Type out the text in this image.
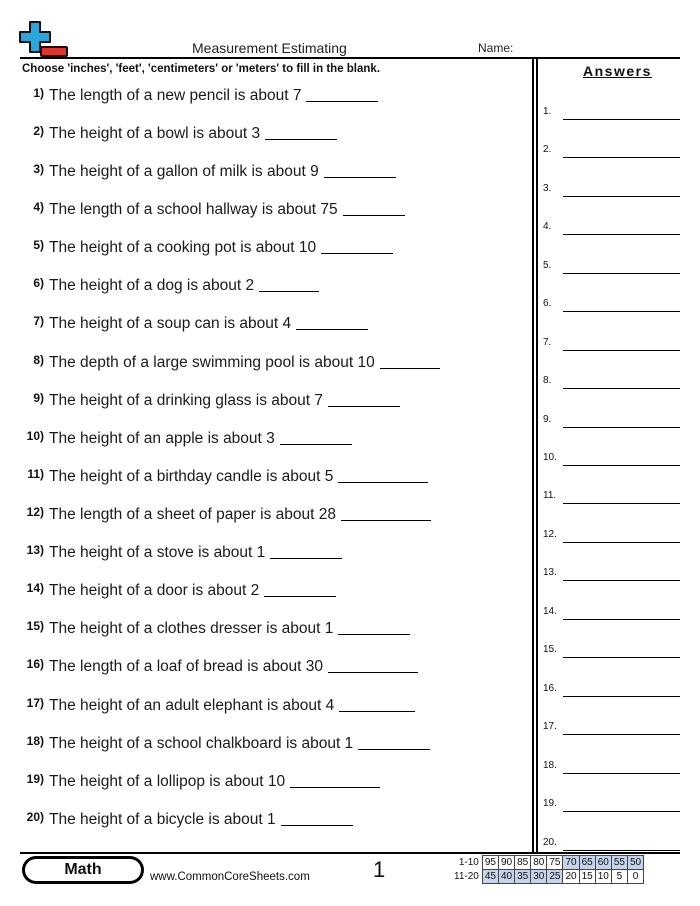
Measurement Estimating	Name:
Choose 'inches', 'feet', 'centimeters' or 'meters' to fill in the blank.	Answers
1) The length of a new pencil is about 7
2) The height of a bowl is about 3
3) The height of a gallon of milk is about 9
4) The length of a school hallway is about 75
5) The height of a cooking pot is about 10
6) The height of a dog is about 2
7) The height of a soup can is about 4
8) The depth of a large swimming pool is about 10
9) The height of a drinking glass is about 7
10) The height of an apple is about 3
11) The height of a birthday candle is about 5
12) The length of a sheet of paper is about 28
13) The height of a stove is about 1
14) The height of a door is about 2
15) The height of a clothes dresser is about 1
16) The length of a loaf of bread is about 30
17) The height of an adult elephant is about 4
18) The height of a school chalkboard is about 1
19) The height of a lollipop is about 10
20) The height of a bicycle is about 1
1.
2.
3.
4.
5.
6.
7.
8.
9.
10.
11.
12.
13.
14.
15.
16.
17.
18.
19.
20.
Math	www.CommonCoreSheets.com	1	1-10	95	90	85	80	75	70	65	60	55	50
11-20	45	40	35	30	25	20	15	10	5	0
